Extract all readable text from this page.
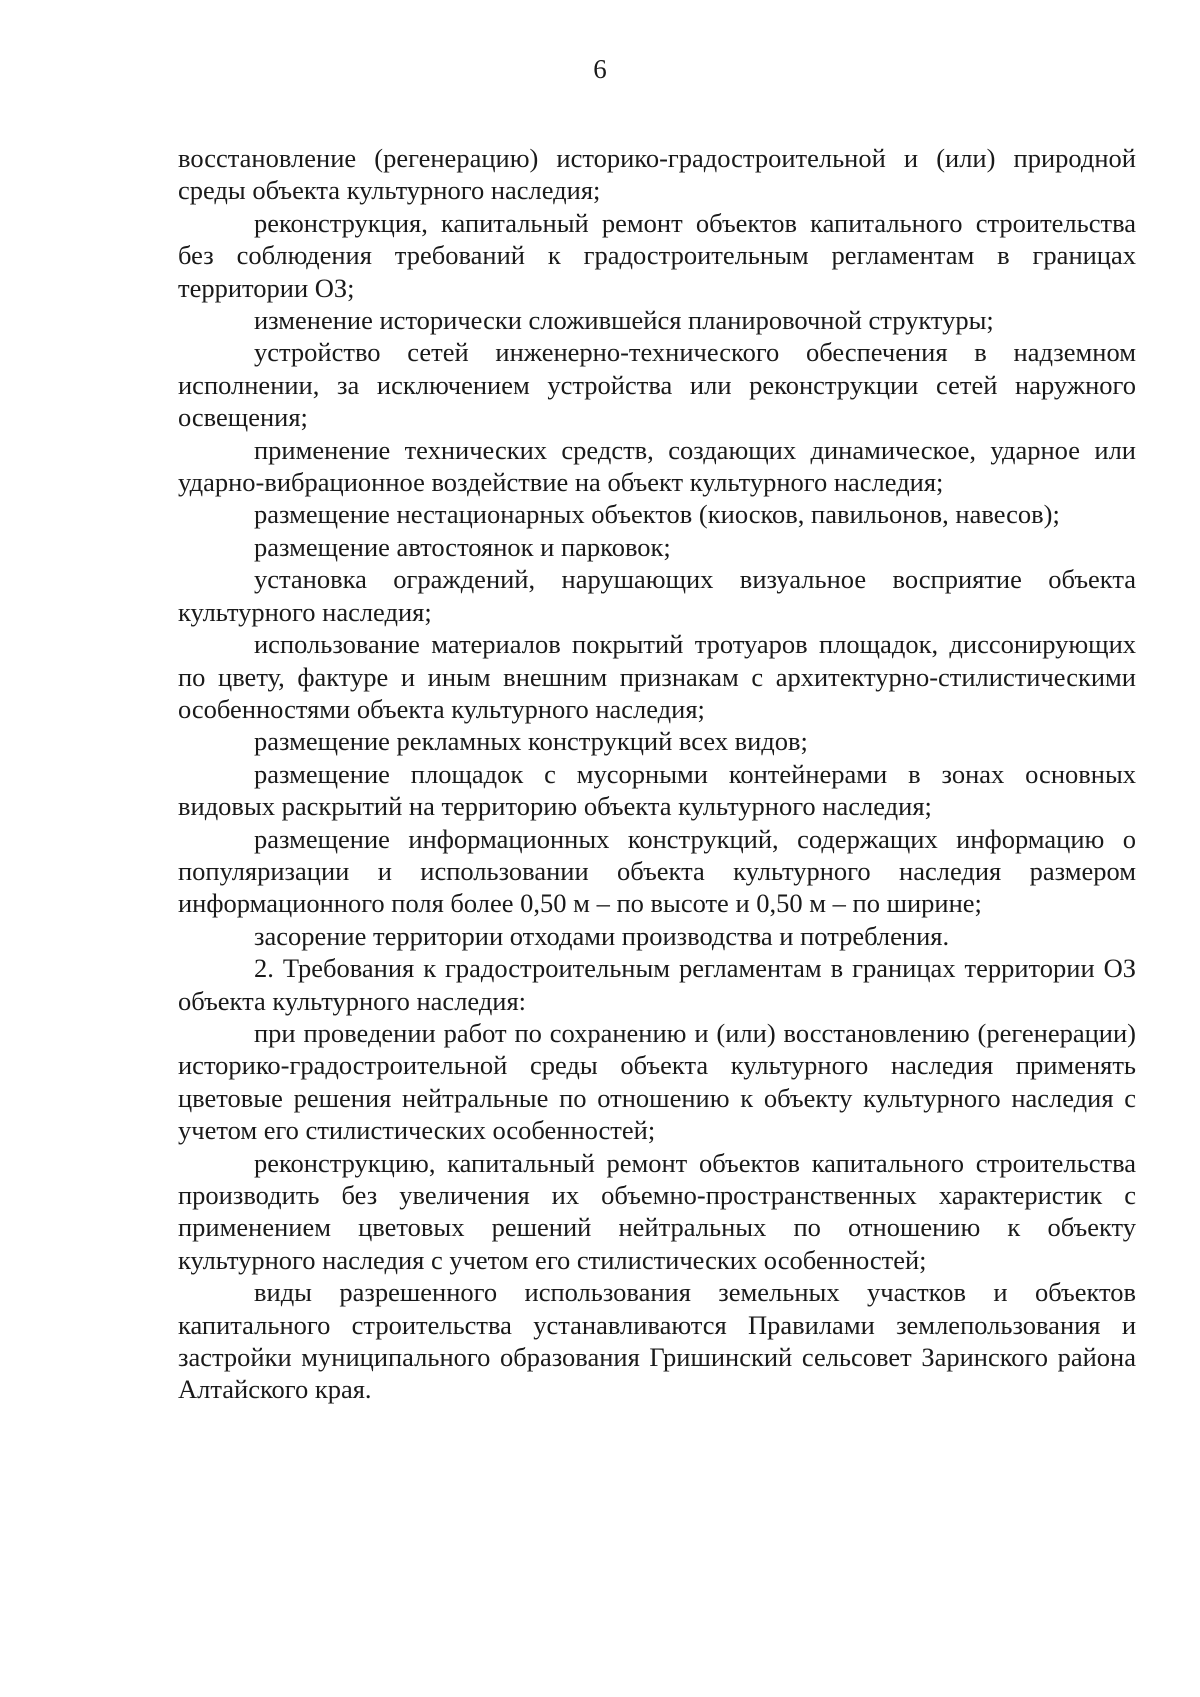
6

восстановление (регенерацию) историко-градостроительной и (или) природной среды объекта культурного наследия;

реконструкция, капитальный ремонт объектов капитального строительства без соблюдения требований к градостроительным регламентам в границах территории ОЗ;

изменение исторически сложившейся планировочной структуры;

устройство сетей инженерно-технического обеспечения в надземном исполнении, за исключением устройства или реконструкции сетей наружного освещения;

применение технических средств, создающих динамическое, ударное или ударно-вибрационное воздействие на объект культурного наследия;

размещение нестационарных объектов (киосков, павильонов, навесов);

размещение автостоянок и парковок;

установка ограждений, нарушающих визуальное восприятие объекта культурного наследия;

использование материалов покрытий тротуаров площадок, диссонирующих по цвету, фактуре и иным внешним признакам с архитектурно-стилистическими особенностями объекта культурного наследия;

размещение рекламных конструкций всех видов;

размещение площадок с мусорными контейнерами в зонах основных видовых раскрытий на территорию объекта культурного наследия;

размещение информационных конструкций, содержащих информацию о популяризации и использовании объекта культурного наследия размером информационного поля более 0,50 м – по высоте и 0,50 м – по ширине;

засорение территории отходами производства и потребления.

2. Требования к градостроительным регламентам в границах территории ОЗ объекта культурного наследия:

при проведении работ по сохранению и (или) восстановлению (регенерации) историко-градостроительной среды объекта культурного наследия применять цветовые решения нейтральные по отношению к объекту культурного наследия с учетом его стилистических особенностей;

реконструкцию, капитальный ремонт объектов капитального строительства производить без увеличения их объемно-пространственных характеристик с применением цветовых решений нейтральных по отношению к объекту культурного наследия с учетом его стилистических особенностей;

виды разрешенного использования земельных участков и объектов капитального строительства устанавливаются Правилами землепользования и застройки муниципального образования Гришинский сельсовет Заринского района Алтайского края.
